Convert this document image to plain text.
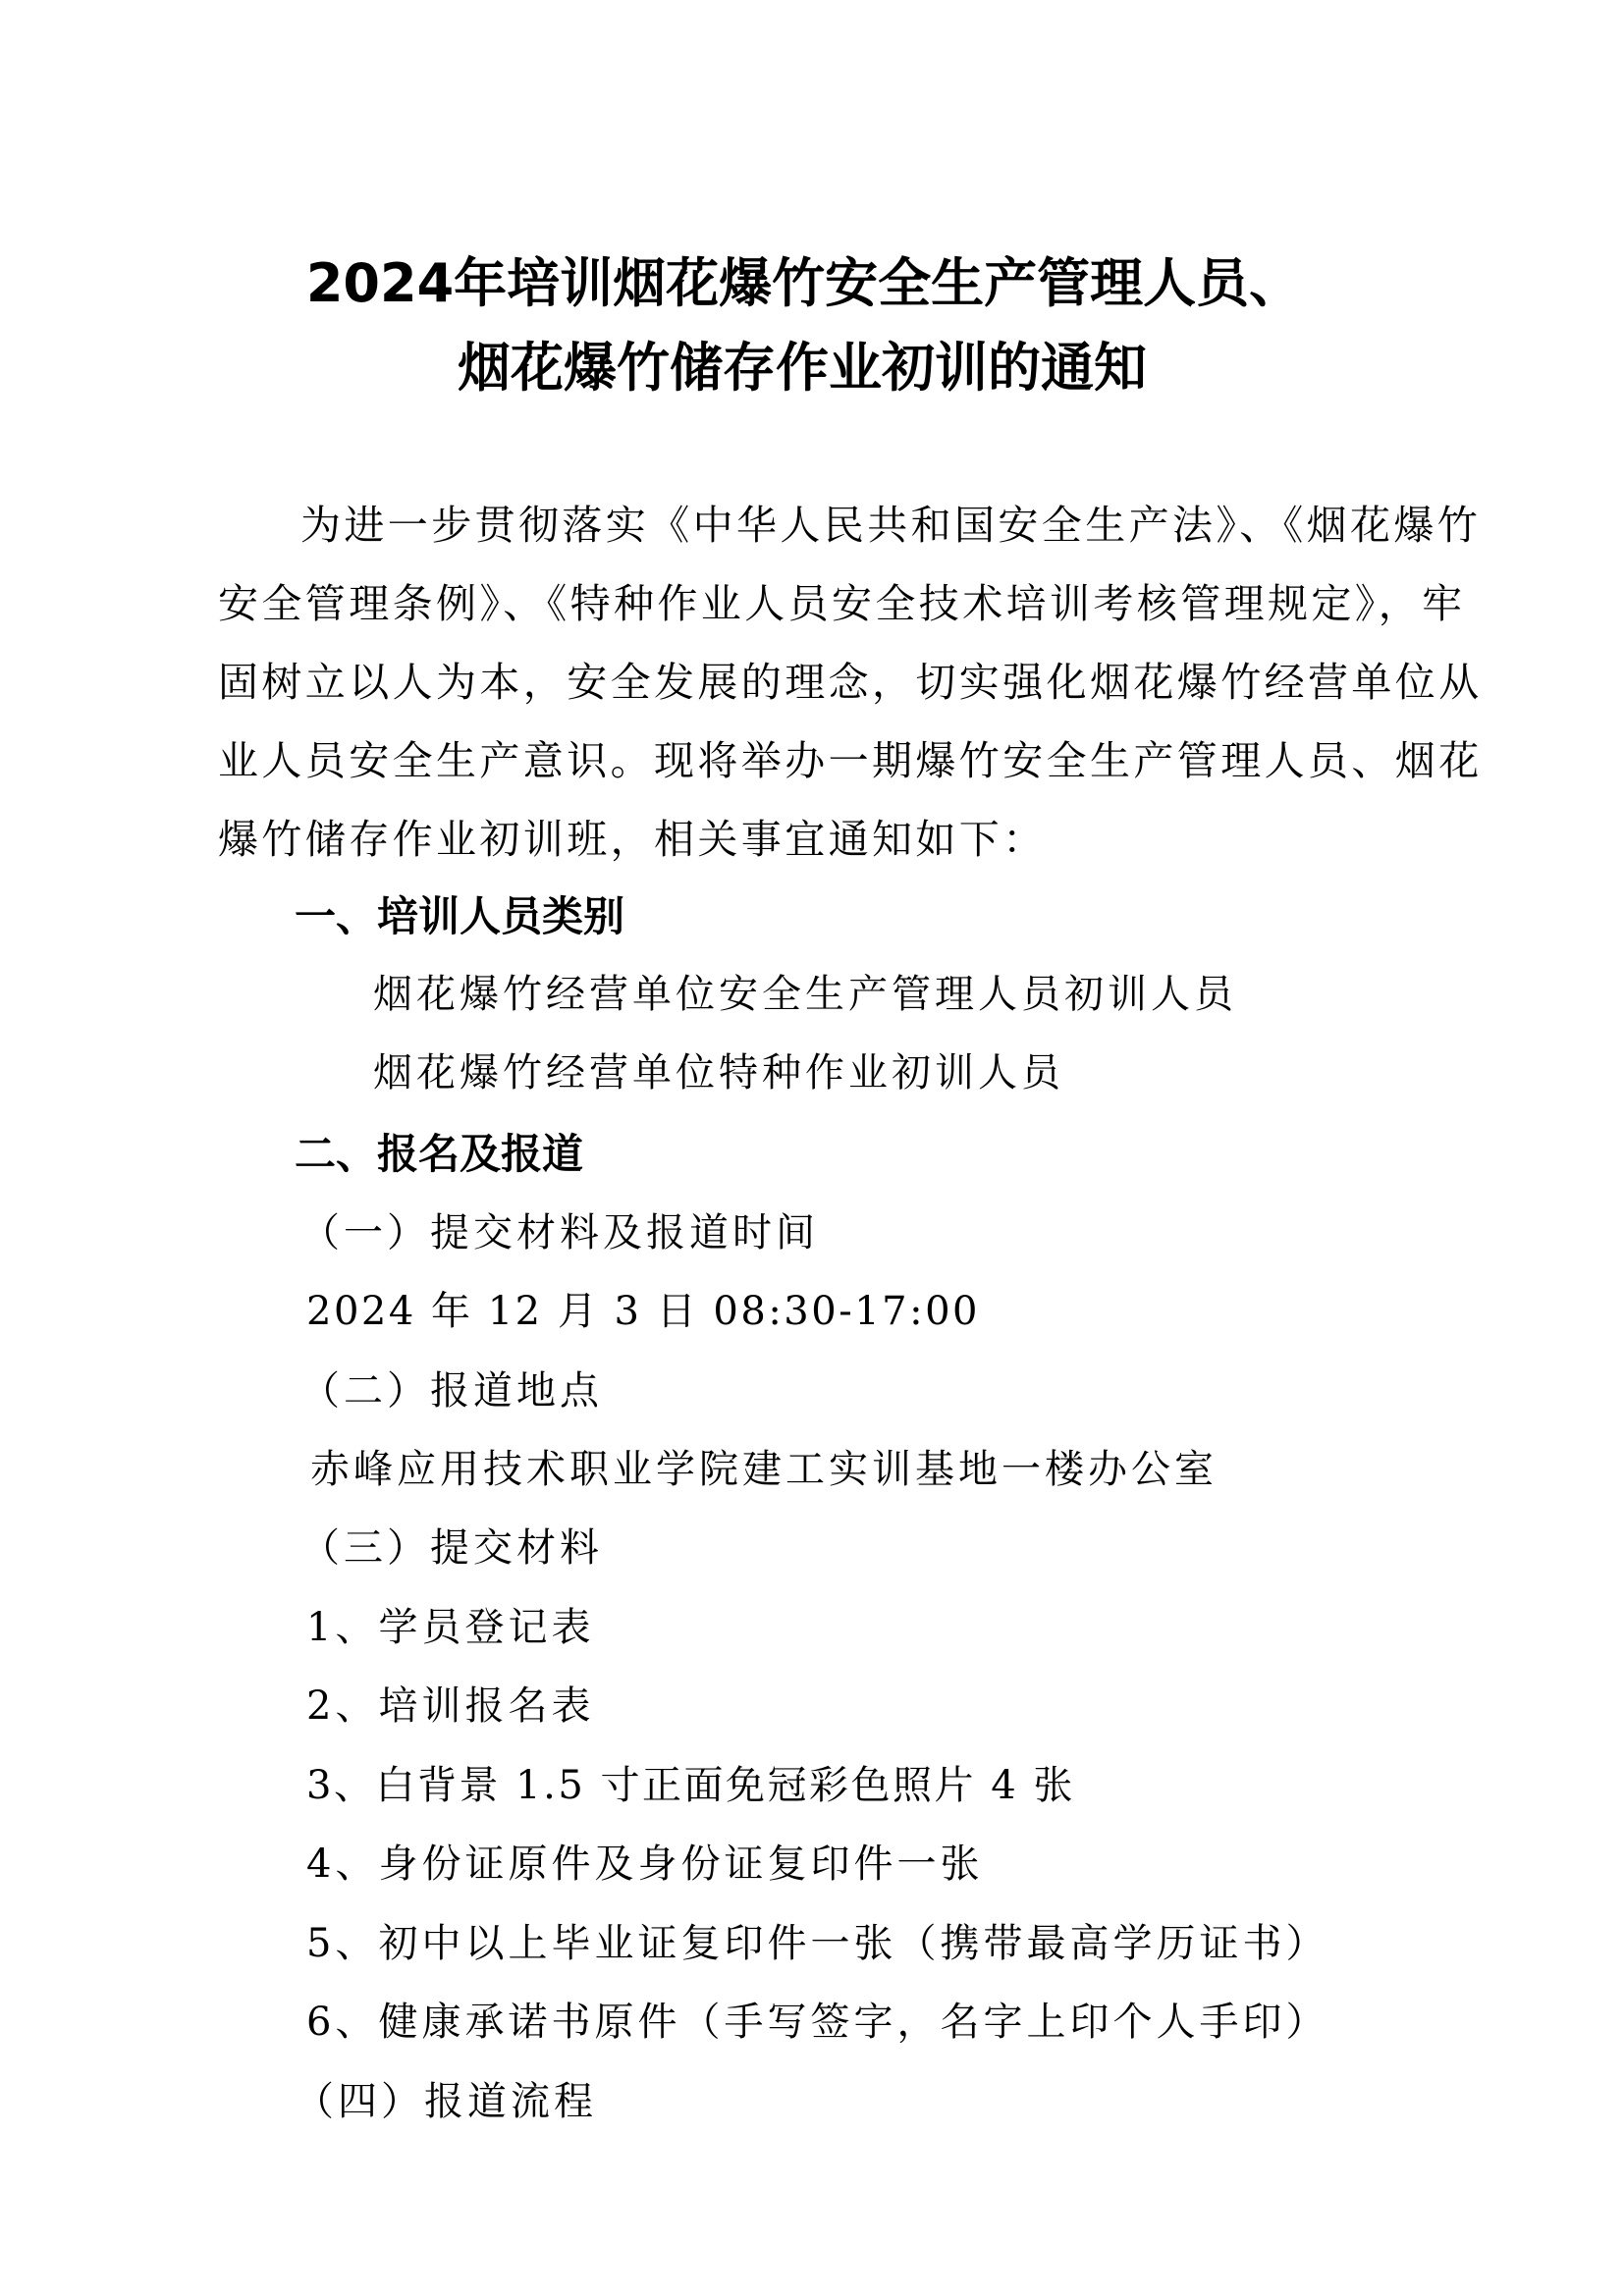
2024年培训烟花爆竹安全生产管理人员、
烟花爆竹储存作业初训的通知

为进一步贯彻落实《中华人民共和国安全生产法》、《烟花爆竹安全管理条例》、《特种作业人员安全技术培训考核管理规定》，牢固树立以人为本，安全发展的理念，切实强化烟花爆竹经营单位从业人员安全生产意识。现将举办一期爆竹安全生产管理人员、烟花爆竹储存作业初训班，相关事宜通知如下：

一、培训人员类别
烟花爆竹经营单位安全生产管理人员初训人员
烟花爆竹经营单位特种作业初训人员
二、报名及报道
（一）提交材料及报道时间
2024 年 12 月 3 日 08:30-17:00
（二）报道地点
赤峰应用技术职业学院建工实训基地一楼办公室
（三）提交材料
1、学员登记表
2、培训报名表
3、白背景 1.5 寸正面免冠彩色照片 4 张
4、身份证原件及身份证复印件一张
5、初中以上毕业证复印件一张（携带最高学历证书）
6、健康承诺书原件（手写签字，名字上印个人手印）
（四）报道流程
